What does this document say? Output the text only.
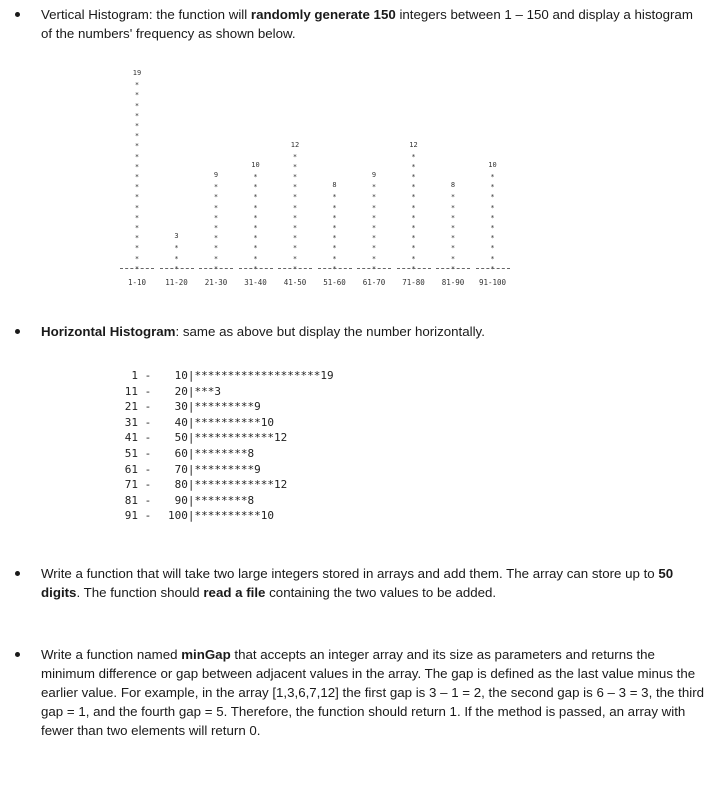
Vertical Histogram: the function will randomly generate 150 integers between 1 – 150 and display a histogram of the numbers' frequency as shown below.
19
*
*
*
*
*
*
*
*
*
*
*
*
*
*
*
*
*
*
*
3
*
*
*
9
*
*
*
*
*
*
*
*
*
10
*
*
*
*
*
*
*
*
*
*
12
*
*
*
*
*
*
*
*
*
*
*
*
8
*
*
*
*
*
*
*
*
9
*
*
*
*
*
*
*
*
*
12
*
*
*
*
*
*
*
*
*
*
*
*
8
*
*
*
*
*
*
*
*
10
*
*
*
*
*
*
*
*
*
*
1-10	11-20	21-30	31-40	41-50	51-60	61-70	71-80	81-90	91-100
Horizontal Histogram: same as above but display the number horizontally.
1 - 10|*******************19
11 - 20|***3
21 - 30|*********9
31 - 40|**********10
41 - 50|************12
51 - 60|********8
61 - 70|*********9
71 - 80|************12
81 - 90|********8
91 - 100|**********10
Write a function that will take two large integers stored in arrays and add them. The array can store up to 50 digits. The function should read a file containing the two values to be added.
Write a function named minGap that accepts an integer array and its size as parameters and returns the minimum difference or gap between adjacent values in the array. The gap is defined as the last value minus the earlier value. For example, in the array [1,3,6,7,12] the first gap is 3 – 1 = 2, the second gap is 6 – 3 = 3, the third gap = 1, and the fourth gap = 5. Therefore, the function should return 1. If the method is passed, an array with fewer than two elements will return 0.
